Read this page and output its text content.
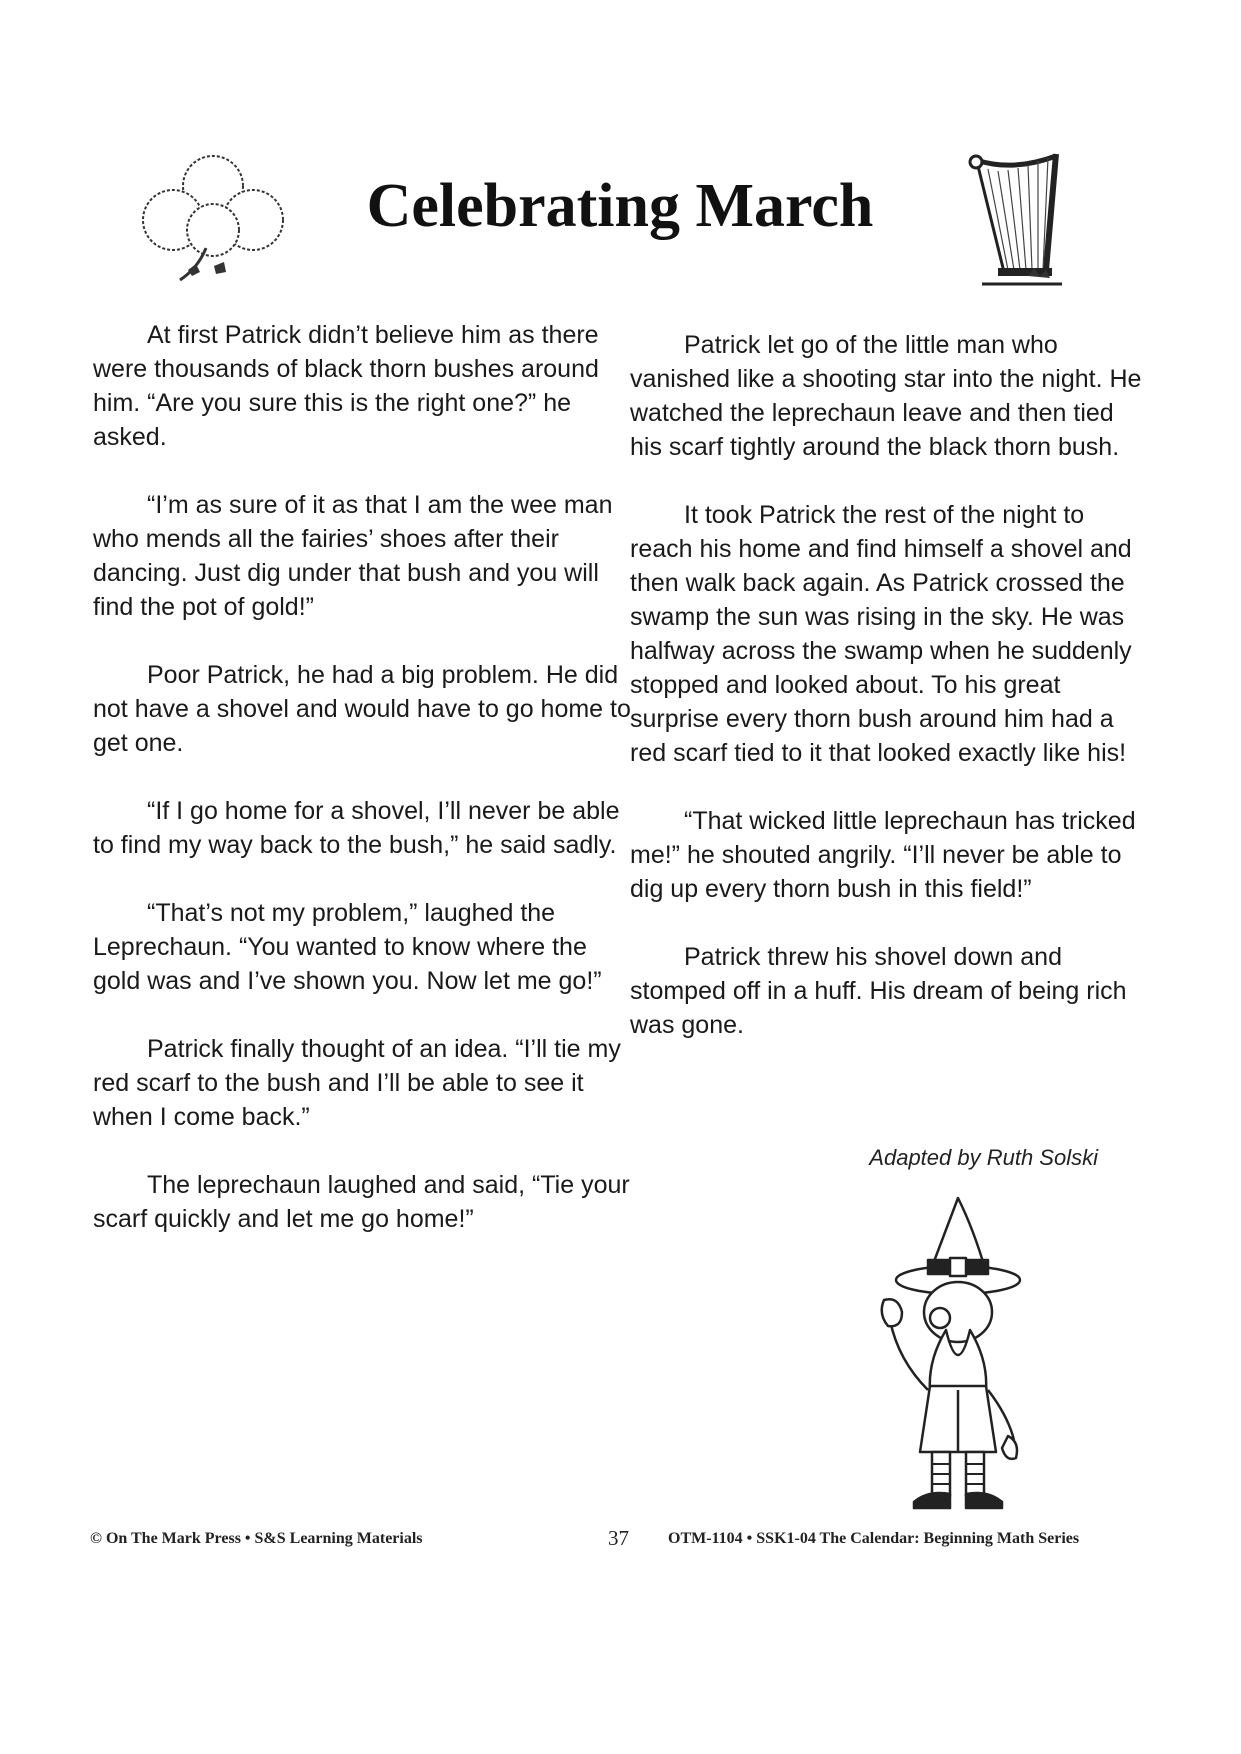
Celebrating March

At first Patrick didn’t believe him as there were thousands of black thorn bushes around him. “Are you sure this is the right one?” he asked.

“I’m as sure of it as that I am the wee man who mends all the fairies’ shoes after their dancing. Just dig under that bush and you will find the pot of gold!”

Poor Patrick, he had a big problem. He did not have a shovel and would have to go home to get one.

“If I go home for a shovel, I’ll never be able to find my way back to the bush,” he said sadly.

“That’s not my problem,” laughed the Leprechaun. “You wanted to know where the gold was and I’ve shown you. Now let me go!”

Patrick finally thought of an idea. “I’ll tie my red scarf to the bush and I’ll be able to see it when I come back.”

The leprechaun laughed and said, “Tie your scarf quickly and let me go home!”

Patrick let go of the little man who vanished like a shooting star into the night. He watched the leprechaun leave and then tied his scarf tightly around the black thorn bush.

It took Patrick the rest of the night to reach his home and find himself a shovel and then walk back again. As Patrick crossed the swamp the sun was rising in the sky. He was halfway across the swamp when he suddenly stopped and looked about. To his great surprise every thorn bush around him had a red scarf tied to it that looked exactly like his!

“That wicked little leprechaun has tricked me!” he shouted angrily. “I’ll never be able to dig up every thorn bush in this field!”

Patrick threw his shovel down and stomped off in a huff. His dream of being rich was gone.

Adapted by Ruth Solski
© On The Mark Press • S&S Learning Materials	37 OTM-1104 • SSK1-04 The Calendar: Beginning Math Series
